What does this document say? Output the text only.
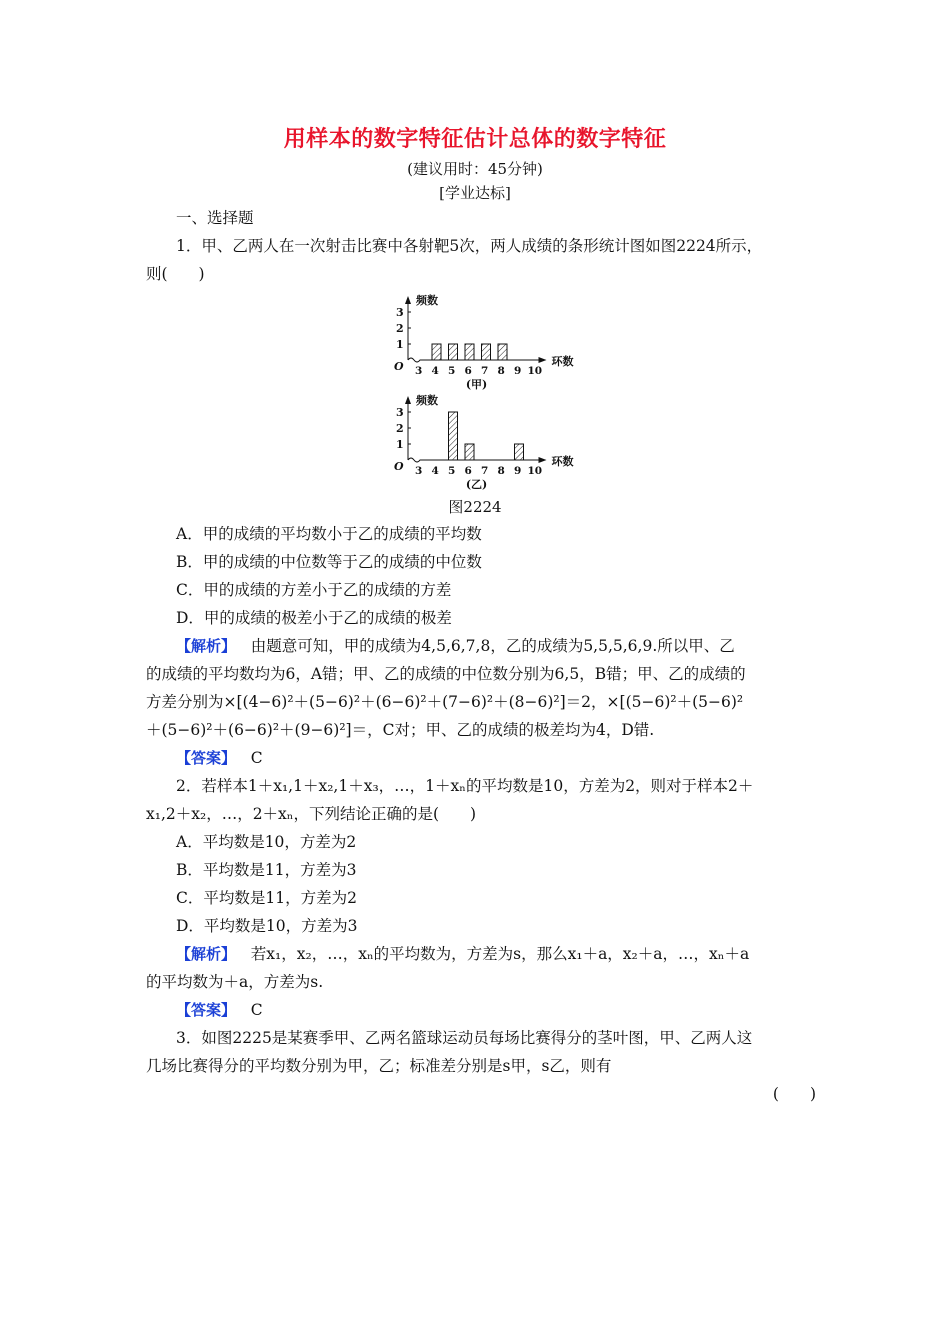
用样本的数字特征估计总体的数字特征
(建议用时：45分钟)
[学业达标]
一、选择题
1．甲、乙两人在一次射击比赛中各射靶5次，两人成绩的条形统计图如图2224所示，
则(　　)
1
2
3
频数
O 3 4 5 6 7 8 9 10
环数
(甲)
1
2
3
频数
O 3 4 5 6 7 8 9 10
环数
(乙)
图2224
A．甲的成绩的平均数小于乙的成绩的平均数
B．甲的成绩的中位数等于乙的成绩的中位数
C．甲的成绩的方差小于乙的成绩的方差
D．甲的成绩的极差小于乙的成绩的极差
【解析】 由题意可知，甲的成绩为4,5,6,7,8，乙的成绩为5,5,5,6,9.所以甲、乙
的成绩的平均数均为6，A错；甲、乙的成绩的中位数分别为6,5，B错；甲、乙的成绩的
方差分别为×[(4−6)²＋(5−6)²＋(6−6)²＋(7−6)²＋(8−6)²]＝2，×[(5−6)²＋(5−6)²
＋(5−6)²＋(6−6)²＋(9−6)²]＝，C对；甲、乙的成绩的极差均为4，D错.
【答案】 C
2．若样本1＋x₁,1＋x₂,1＋x₃，…，1＋xₙ的平均数是10，方差为2，则对于样本2＋
x₁,2＋x₂，…，2＋xₙ，下列结论正确的是(　　)
A．平均数是10，方差为2
B．平均数是11，方差为3
C．平均数是11，方差为2
D．平均数是10，方差为3
【解析】 若x₁，x₂，…，xₙ的平均数为，方差为s，那么x₁＋a，x₂＋a，…，xₙ＋a
的平均数为＋a，方差为s.
【答案】 C
3．如图2225是某赛季甲、乙两名篮球运动员每场比赛得分的茎叶图，甲、乙两人这
几场比赛得分的平均数分别为甲，乙；标准差分别是s甲，s乙，则有
(　　)
